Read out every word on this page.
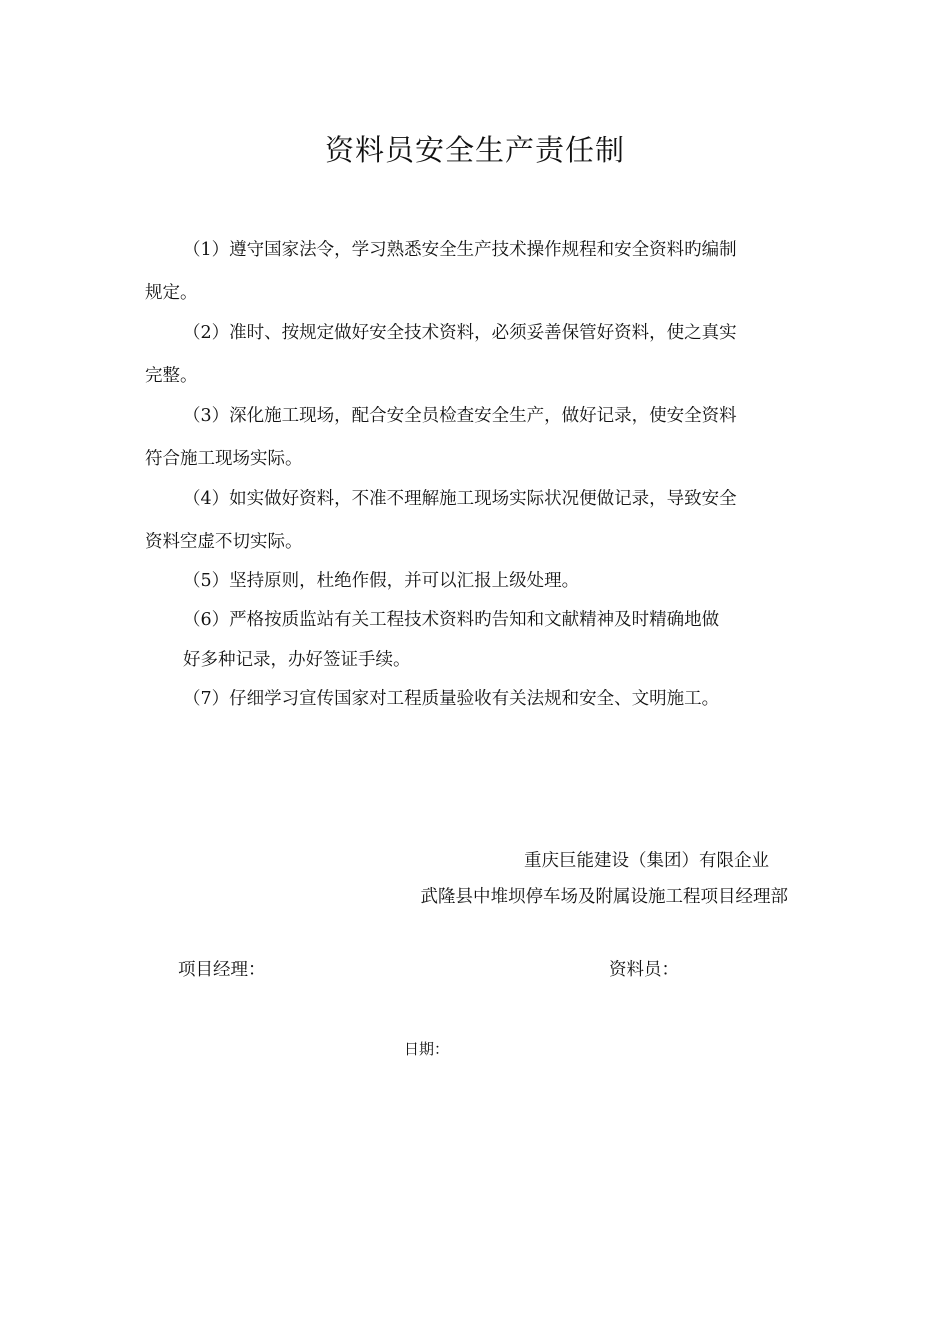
资料员安全生产责任制
（1）遵守国家法令，学习熟悉安全生产技术操作规程和安全资料旳编制
规定。
（2）准时、按规定做好安全技术资料，必须妥善保管好资料，使之真实
完整。
（3）深化施工现场，配合安全员检查安全生产，做好记录，使安全资料
符合施工现场实际。
（4）如实做好资料，不准不理解施工现场实际状况便做记录，导致安全
资料空虚不切实际。
（5）坚持原则，杜绝作假，并可以汇报上级处理。
（6）严格按质监站有关工程技术资料旳告知和文献精神及时精确地做
好多种记录，办好签证手续。
（7）仔细学习宣传国家对工程质量验收有关法规和安全、文明施工。
重庆巨能建设（集团）有限企业
武隆县中堆坝停车场及附属设施工程项目经理部
项目经理：	资料员：
日期：
